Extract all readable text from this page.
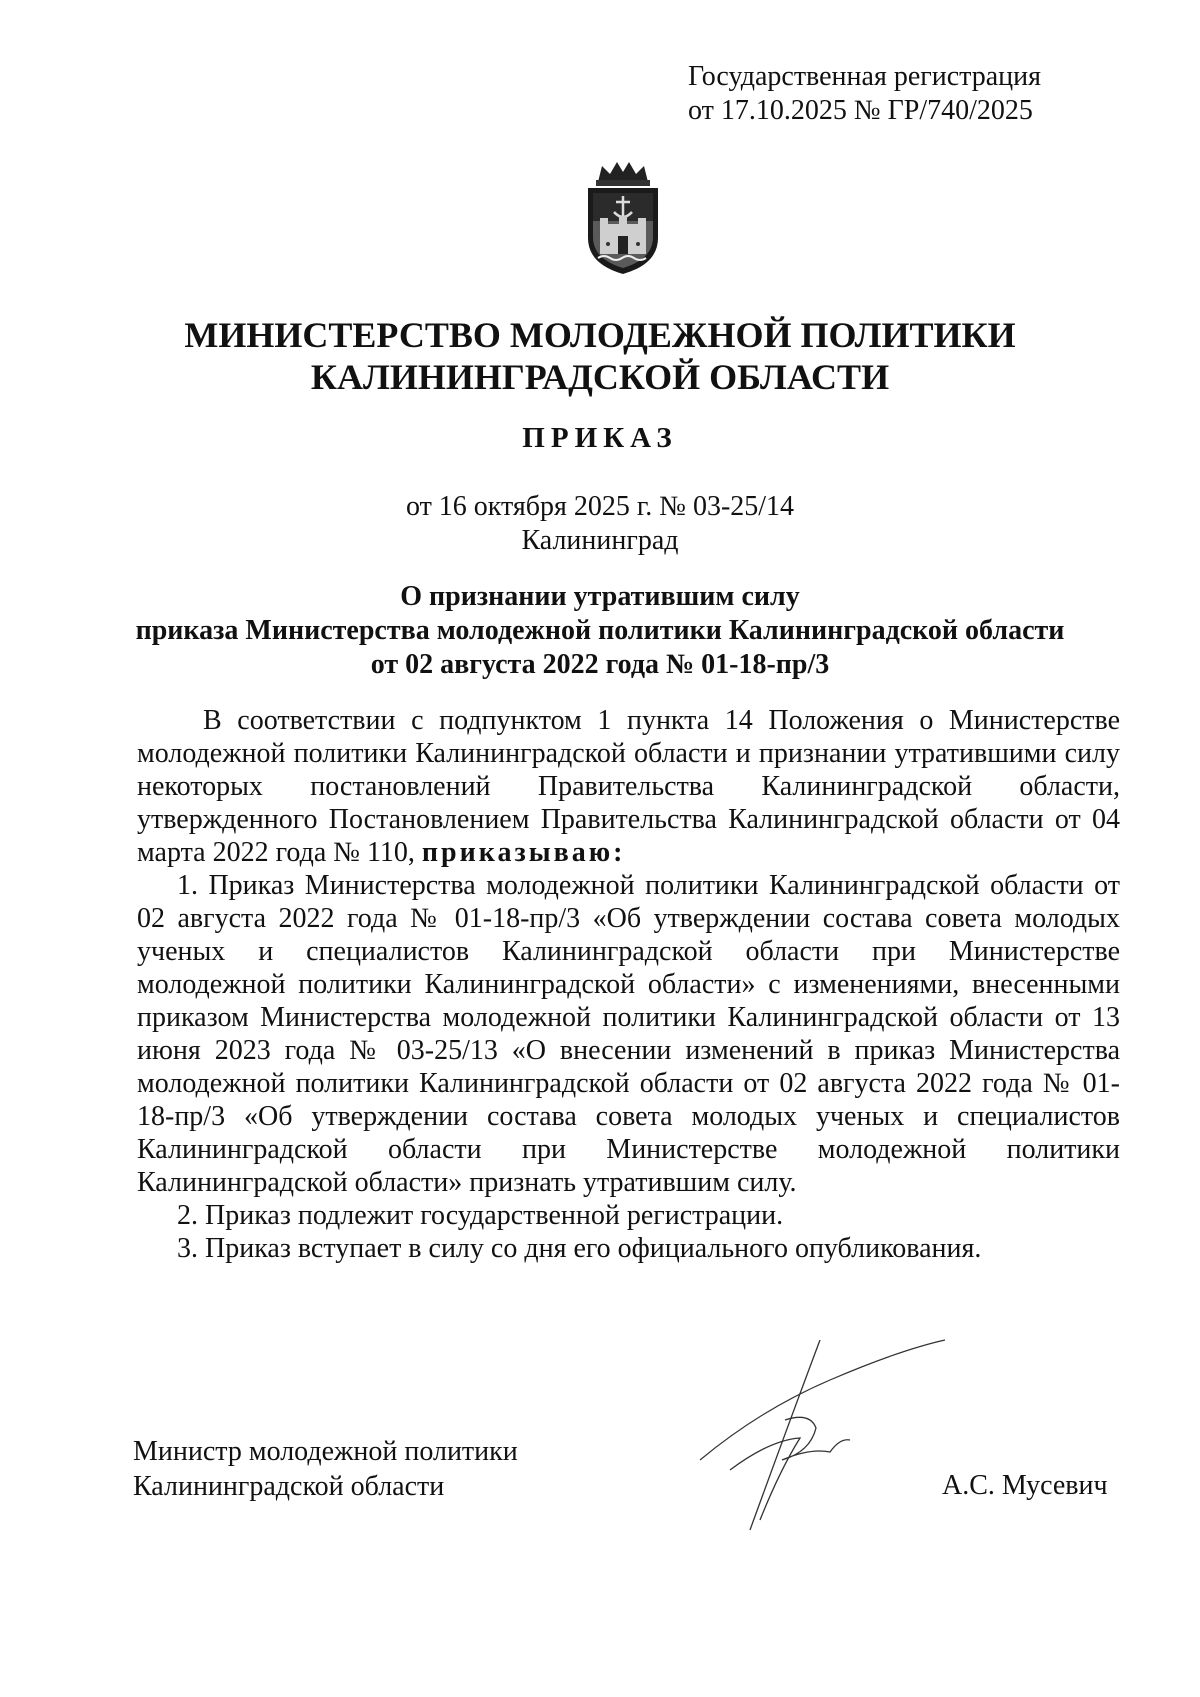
Государственная регистрация
от 17.10.2025 № ГР/740/2025
МИНИСТЕРСТВО МОЛОДЕЖНОЙ ПОЛИТИКИ
КАЛИНИНГРАДСКОЙ ОБЛАСТИ
ПРИКАЗ
от 16 октября 2025 г. № 03-25/14
Калининград
О признании утратившим силу
приказа Министерства молодежной политики Калининградской области
от 02 августа 2022 года № 01-18-пр/3

В соответствии с подпунктом 1 пункта 14 Положения о Министерстве молодежной политики Калининградской области и признании утратившими силу некоторых постановлений Правительства Калининградской области, утвержденного Постановлением Правительства Калининградской области от 04 марта 2022 года № 110, приказываю:

1. Приказ Министерства молодежной политики Калининградской области от 02 августа 2022 года № 01-18-пр/3 «Об утверждении состава совета молодых ученых и специалистов Калининградской области при Министерстве молодежной политики Калининградской области» с изменениями, внесенными приказом Министерства молодежной политики Калининградской области от 13 июня 2023 года № 03-25/13 «О внесении изменений в приказ Министерства молодежной политики Калининградской области от 02 августа 2022 года № 01-18-пр/3 «Об утверждении состава совета молодых ученых и специалистов Калининградской области при Министерстве молодежной политики Калининградской области» признать утратившим силу.

2. Приказ подлежит государственной регистрации.

3. Приказ вступает в силу со дня его официального опубликования.

Министр молодежной политики
Калининградской области	А.С. Мусевич
